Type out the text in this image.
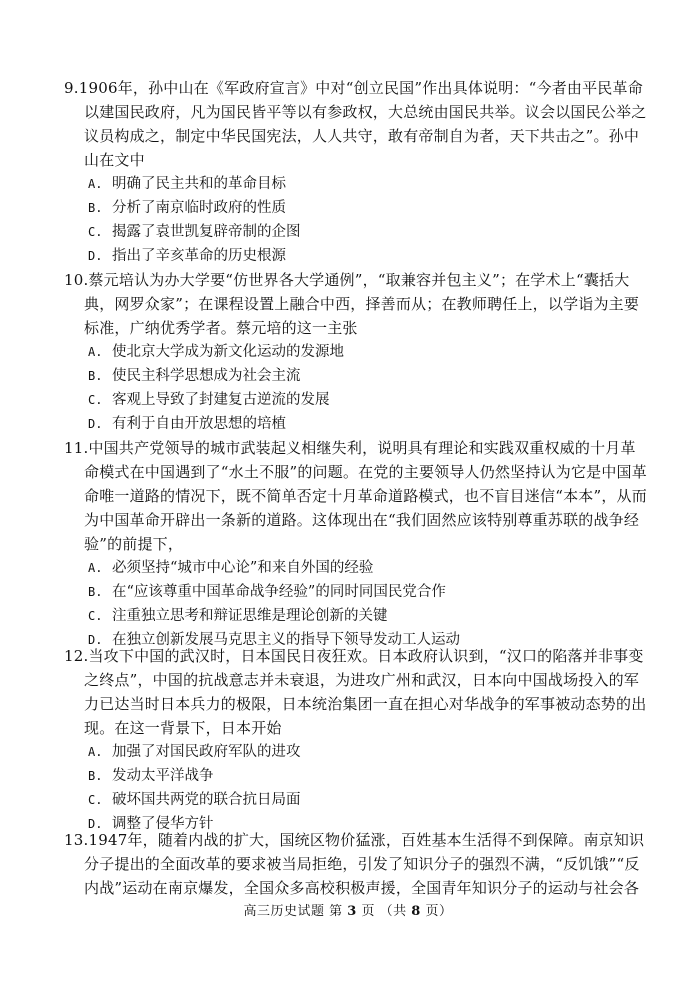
9.1906年，孙中山在《军政府宣言》中对“创立民国”作出具体说明：“今者由平民革命以建国民政府，凡为国民皆平等以有参政权，大总统由国民共举。议会以国民公举之议员构成之，制定中华民国宪法，人人共守，敢有帝制自为者，天下共击之”。孙中山在文中

A. 明确了民主共和的革命目标

B. 分析了南京临时政府的性质

C. 揭露了袁世凯复辟帝制的企图

D. 指出了辛亥革命的历史根源

10.蔡元培认为办大学要“仿世界各大学通例”，“取兼容并包主义”；在学术上“囊括大典，网罗众家”；在课程设置上融合中西，择善而从；在教师聘任上，以学诣为主要标准，广纳优秀学者。蔡元培的这一主张

A. 使北京大学成为新文化运动的发源地

B. 使民主科学思想成为社会主流

C. 客观上导致了封建复古逆流的发展

D. 有利于自由开放思想的培植

11.中国共产党领导的城市武装起义相继失利，说明具有理论和实践双重权威的十月革命模式在中国遇到了“水土不服”的问题。在党的主要领导人仍然坚持认为它是中国革命唯一道路的情况下，既不简单否定十月革命道路模式，也不盲目迷信“本本”，从而为中国革命开辟出一条新的道路。这体现出在“我们固然应该特别尊重苏联的战争经验”的前提下，

A. 必须坚持“城市中心论”和来自外国的经验

B. 在“应该尊重中国革命战争经验”的同时同国民党合作

C. 注重独立思考和辩证思维是理论创新的关键

D. 在独立创新发展马克思主义的指导下领导发动工人运动

12.当攻下中国的武汉时，日本国民日夜狂欢。日本政府认识到，“汉口的陷落并非事变之终点”，中国的抗战意志并未衰退，为进攻广州和武汉，日本向中国战场投入的军力已达当时日本兵力的极限，日本统治集团一直在担心对华战争的军事被动态势的出现。在这一背景下，日本开始

A. 加强了对国民政府军队的进攻

B. 发动太平洋战争

C. 破坏国共两党的联合抗日局面

D. 调整了侵华方针

13.1947年，随着内战的扩大，国统区物价猛涨，百姓基本生活得不到保障。南京知识分子提出的全面改革的要求被当局拒绝，引发了知识分子的强烈不满，“反饥饿”“反内战”运动在南京爆发，全国众多高校积极声援，全国青年知识分子的运动与社会各

高三历史试题 第 3 页 （共 8 页）
